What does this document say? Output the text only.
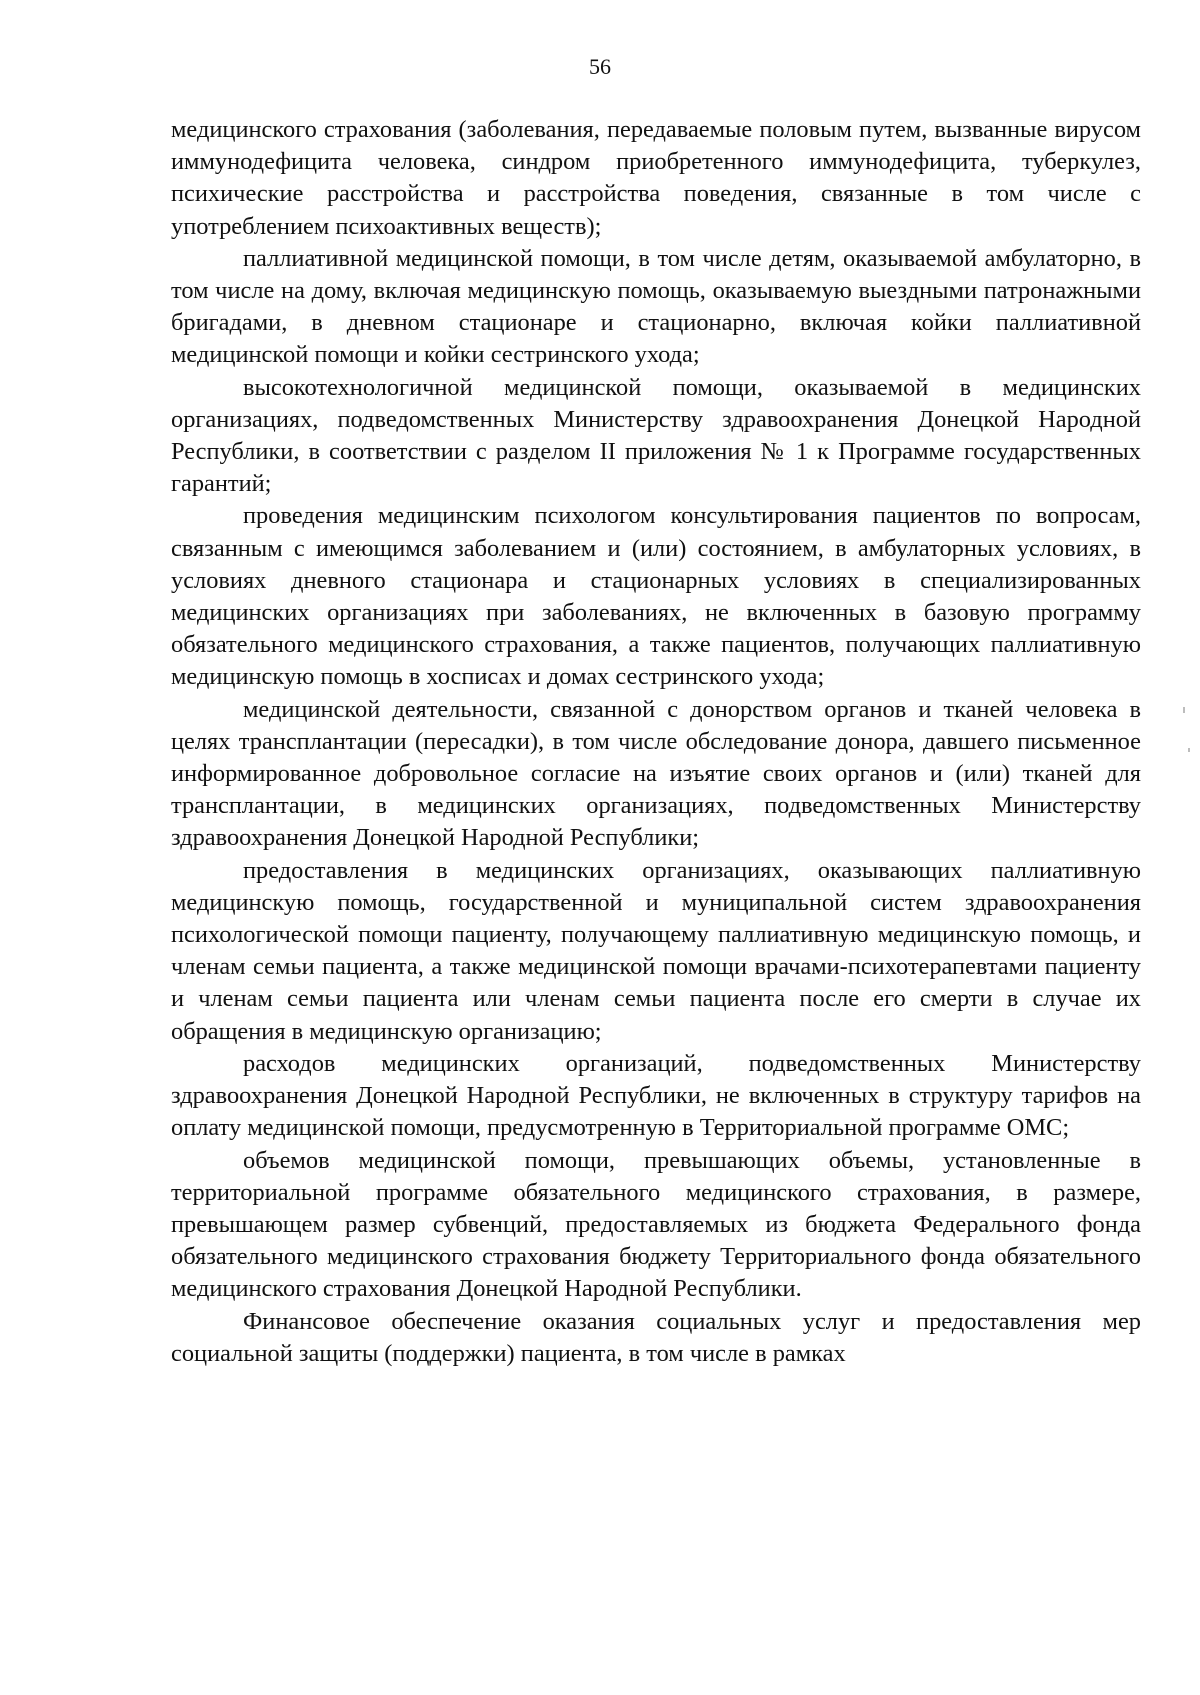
56

медицинского страхования (заболевания, передаваемые половым путем, вызванные вирусом иммунодефицита человека, синдром приобретенного иммунодефицита, туберкулез, психические расстройства и расстройства поведения, связанные в том числе с употреблением психоактивных веществ);

паллиативной медицинской помощи, в том числе детям, оказываемой амбулаторно, в том числе на дому, включая медицинскую помощь, оказываемую выездными патронажными бригадами, в дневном стационаре и стационарно, включая койки паллиативной медицинской помощи и койки сестринского ухода;

высокотехнологичной медицинской помощи, оказываемой в медицинских организациях, подведомственных Министерству здравоохранения Донецкой Народной Республики, в соответствии с разделом II приложения № 1 к Программе государственных гарантий;

проведения медицинским психологом консультирования пациентов по вопросам, связанным с имеющимся заболеванием и (или) состоянием, в амбулаторных условиях, в условиях дневного стационара и стационарных условиях в специализированных медицинских организациях при заболеваниях, не включенных в базовую программу обязательного медицинского страхования, а также пациентов, получающих паллиативную медицинскую помощь в хосписах и домах сестринского ухода;

медицинской деятельности, связанной с донорством органов и тканей человека в целях трансплантации (пересадки), в том числе обследование донора, давшего письменное информированное добровольное согласие на изъятие своих органов и (или) тканей для трансплантации, в медицинских организациях, подведомственных Министерству здравоохранения Донецкой Народной Республики;

предоставления в медицинских организациях, оказывающих паллиативную медицинскую помощь, государственной и муниципальной систем здравоохранения психологической помощи пациенту, получающему паллиативную медицинскую помощь, и членам семьи пациента, а также медицинской помощи врачами-психотерапевтами пациенту и членам семьи пациента или членам семьи пациента после его смерти в случае их обращения в медицинскую организацию;

расходов медицинских организаций, подведомственных Министерству здравоохранения Донецкой Народной Республики, не включенных в структуру тарифов на оплату медицинской помощи, предусмотренную в Территориальной программе ОМС;

объемов медицинской помощи, превышающих объемы, установленные в территориальной программе обязательного медицинского страхования, в размере, превышающем размер субвенций, предоставляемых из бюджета Федерального фонда обязательного медицинского страхования бюджету Территориального фонда обязательного медицинского страхования Донецкой Народной Республики.

Финансовое обеспечение оказания социальных услуг и предоставления мер социальной защиты (поддержки) пациента, в том числе в рамках
